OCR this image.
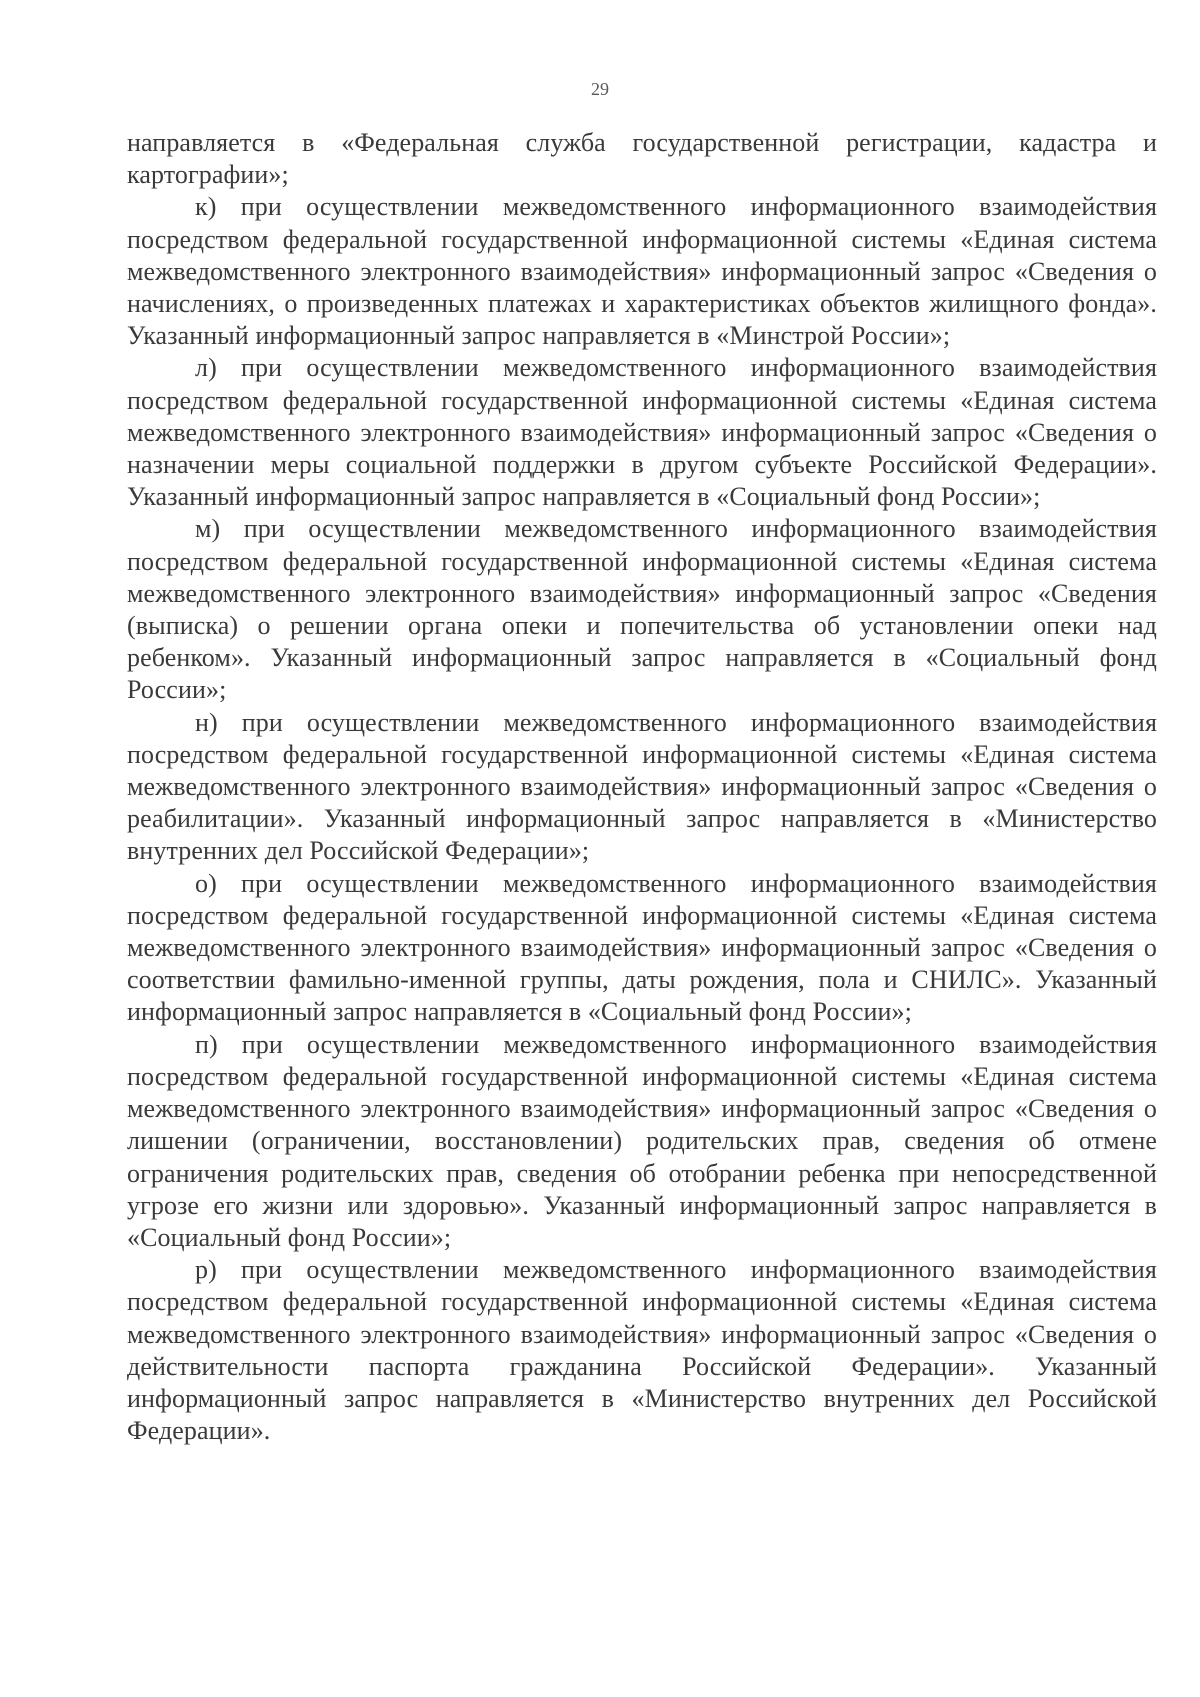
29

направляется в «Федеральная служба государственной регистрации, кадастра и картографии»;

к) при осуществлении межведомственного информационного взаимодействия посредством федеральной государственной информационной системы «Единая система межведомственного электронного взаимодействия» информационный запрос «Сведения о начислениях, о произведенных платежах и характеристиках объектов жилищного фонда». Указанный информационный запрос направляется в «Минстрой России»;

л) при осуществлении межведомственного информационного взаимодействия посредством федеральной государственной информационной системы «Единая система межведомственного электронного взаимодействия» информационный запрос «Сведения о назначении меры социальной поддержки в другом субъекте Российской Федерации». Указанный информационный запрос направляется в «Социальный фонд России»;

м) при осуществлении межведомственного информационного взаимодействия посредством федеральной государственной информационной системы «Единая система межведомственного электронного взаимодействия» информационный запрос «Сведения (выписка) о решении органа опеки и попечительства об установлении опеки над ребенком». Указанный информационный запрос направляется в «Социальный фонд России»;

н) при осуществлении межведомственного информационного взаимодействия посредством федеральной государственной информационной системы «Единая система межведомственного электронного взаимодействия» информационный запрос «Сведения о реабилитации». Указанный информационный запрос направляется в «Министерство внутренних дел Российской Федерации»;

о) при осуществлении межведомственного информационного взаимодействия посредством федеральной государственной информационной системы «Единая система межведомственного электронного взаимодействия» информационный запрос «Сведения о соответствии фамильно-именной группы, даты рождения, пола и СНИЛС». Указанный информационный запрос направляется в «Социальный фонд России»;

п) при осуществлении межведомственного информационного взаимодействия посредством федеральной государственной информационной системы «Единая система межведомственного электронного взаимодействия» информационный запрос «Сведения о лишении (ограничении, восстановлении) родительских прав, сведения об отмене ограничения родительских прав, сведения об отобрании ребенка при непосредственной угрозе его жизни или здоровью». Указанный информационный запрос направляется в «Социальный фонд России»;

р) при осуществлении межведомственного информационного взаимодействия посредством федеральной государственной информационной системы «Единая система межведомственного электронного взаимодействия» информационный запрос «Сведения о действительности паспорта гражданина Российской Федерации». Указанный информационный запрос направляется в «Министерство внутренних дел Российской Федерации».
